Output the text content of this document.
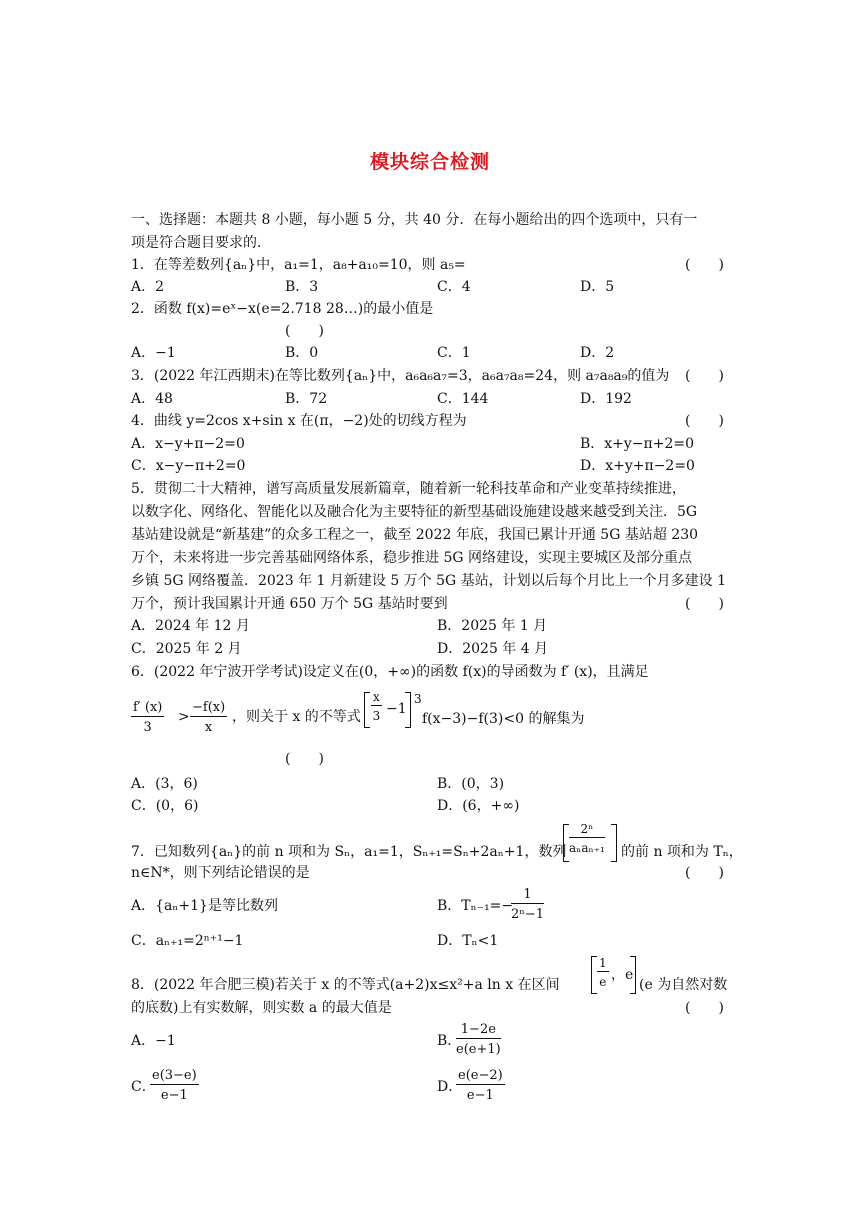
模块综合检测
一、选择题：本题共 8 小题，每小题 5 分，共 40 分．在每小题给出的四个选项中，只有一
项是符合题目要求的．
1．在等差数列{aₙ}中，a₁=1，a₈+a₁₀=10，则 a₅=	(　　)
A．2	B．3	C．4	D．5
2．函数 f(x)=eˣ−x(e=2.718 28…)的最小值是
(　　)
A．−1	B．0	C．1	D．2
3．(2022 年江西期末)在等比数列{aₙ}中，a₆a₆a₇=3，a₆a₇a₈=24，则 a₇a₈a₉的值为 (　　)
A．48	B．72	C．144	D．192
4．曲线 y=2cos x+sin x 在(π，−2)处的切线方程为	(　　)
A．x−y+π−2=0	B．x+y−π+2=0
C．x−y−π+2=0	D．x+y+π−2=0
5．贯彻二十大精神，谱写高质量发展新篇章，随着新一轮科技革命和产业变革持续推进，
以数字化、网络化、智能化以及融合化为主要特征的新型基础设施建设越来越受到关注．5G
基站建设就是“新基建”的众多工程之一，截至 2022 年底，我国已累计开通 5G 基站超 230
万个，未来将进一步完善基础网络体系，稳步推进 5G 网络建设，实现主要城区及部分重点
乡镇 5G 网络覆盖．2023 年 1 月新建设 5 万个 5G 基站，计划以后每个月比上一个月多建设 1
万个，预计我国累计开通 650 万个 5G 基站时要到	(　　)
A．2024 年 12 月	B．2025 年 1 月
C．2025 年 2 月	D．2025 年 4 月
6．(2022 年宁波开学考试)设定义在(0，+∞)的函数 f(x)的导函数为 f′ (x)，且满足
$\frac{f' (x)}{3} > \frac{-f(x)}{x}$ ，则关于 x 的不等式 $\frac{x}{3} -1$
3
f(x−3)−f(3)<0 的解集为
(　　)
A．(3，6)	B．(0，3)
C．(0，6)	D．(6，+∞)
7．已知数列{aₙ}的前 n 项和为 Sₙ，a₁=1，Sₙ₊₁=Sₙ+2aₙ+1，数列
2ⁿ
aₙaₙ₊₁ 的前 n 项和为 Tₙ，
n∈N*，则下列结论错误的是	(　　)
A．{aₙ+1}是等比数列	B．Tₙ₋₁=−
$\frac{1}{\text{2ⁿ−1}}$
C．aₙ₊₁=2ⁿ⁺¹−1	D．Tₙ<1
8．(2022 年合肥三模)若关于 x 的不等式(a+2)x≤x²+a ln x 在区间	$\frac{1}{e}$ ，e
(e 为自然对数
的底数)上有实数解，则实数 a 的最大值是	(　　)
A．−1	B．
$\frac{1-2e}{e(e+1)}$
C．
$\frac{e(3-e)}{e-1}$	D．
$\frac{e(e-2)}{e-1}$
